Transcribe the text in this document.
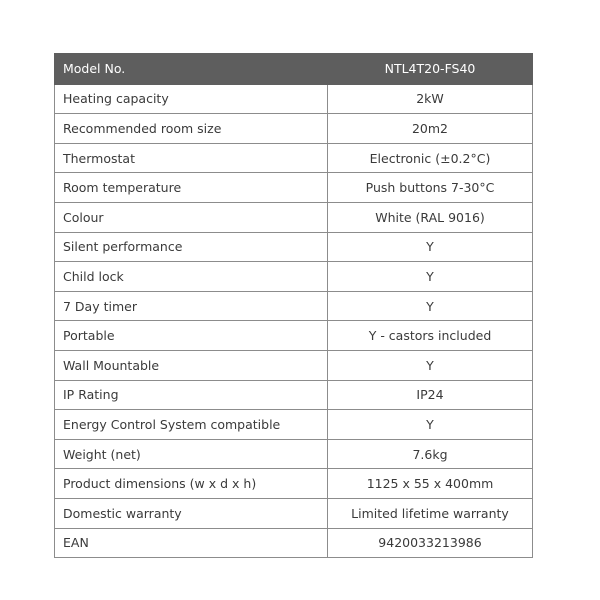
Model No.	NTL4T20-FS40
Heating capacity	2kW
Recommended room size	20m2
Thermostat	Electronic (±0.2°C)
Room temperature	Push buttons 7-30°C
Colour	White (RAL 9016)
Silent performance	Y
Child lock	Y
7 Day timer	Y
Portable	Y - castors included
Wall Mountable	Y
IP Rating	IP24
Energy Control System compatible	Y
Weight (net)	7.6kg
Product dimensions (w x d x h)	1125 x 55 x 400mm
Domestic warranty	Limited lifetime warranty
EAN	9420033213986
